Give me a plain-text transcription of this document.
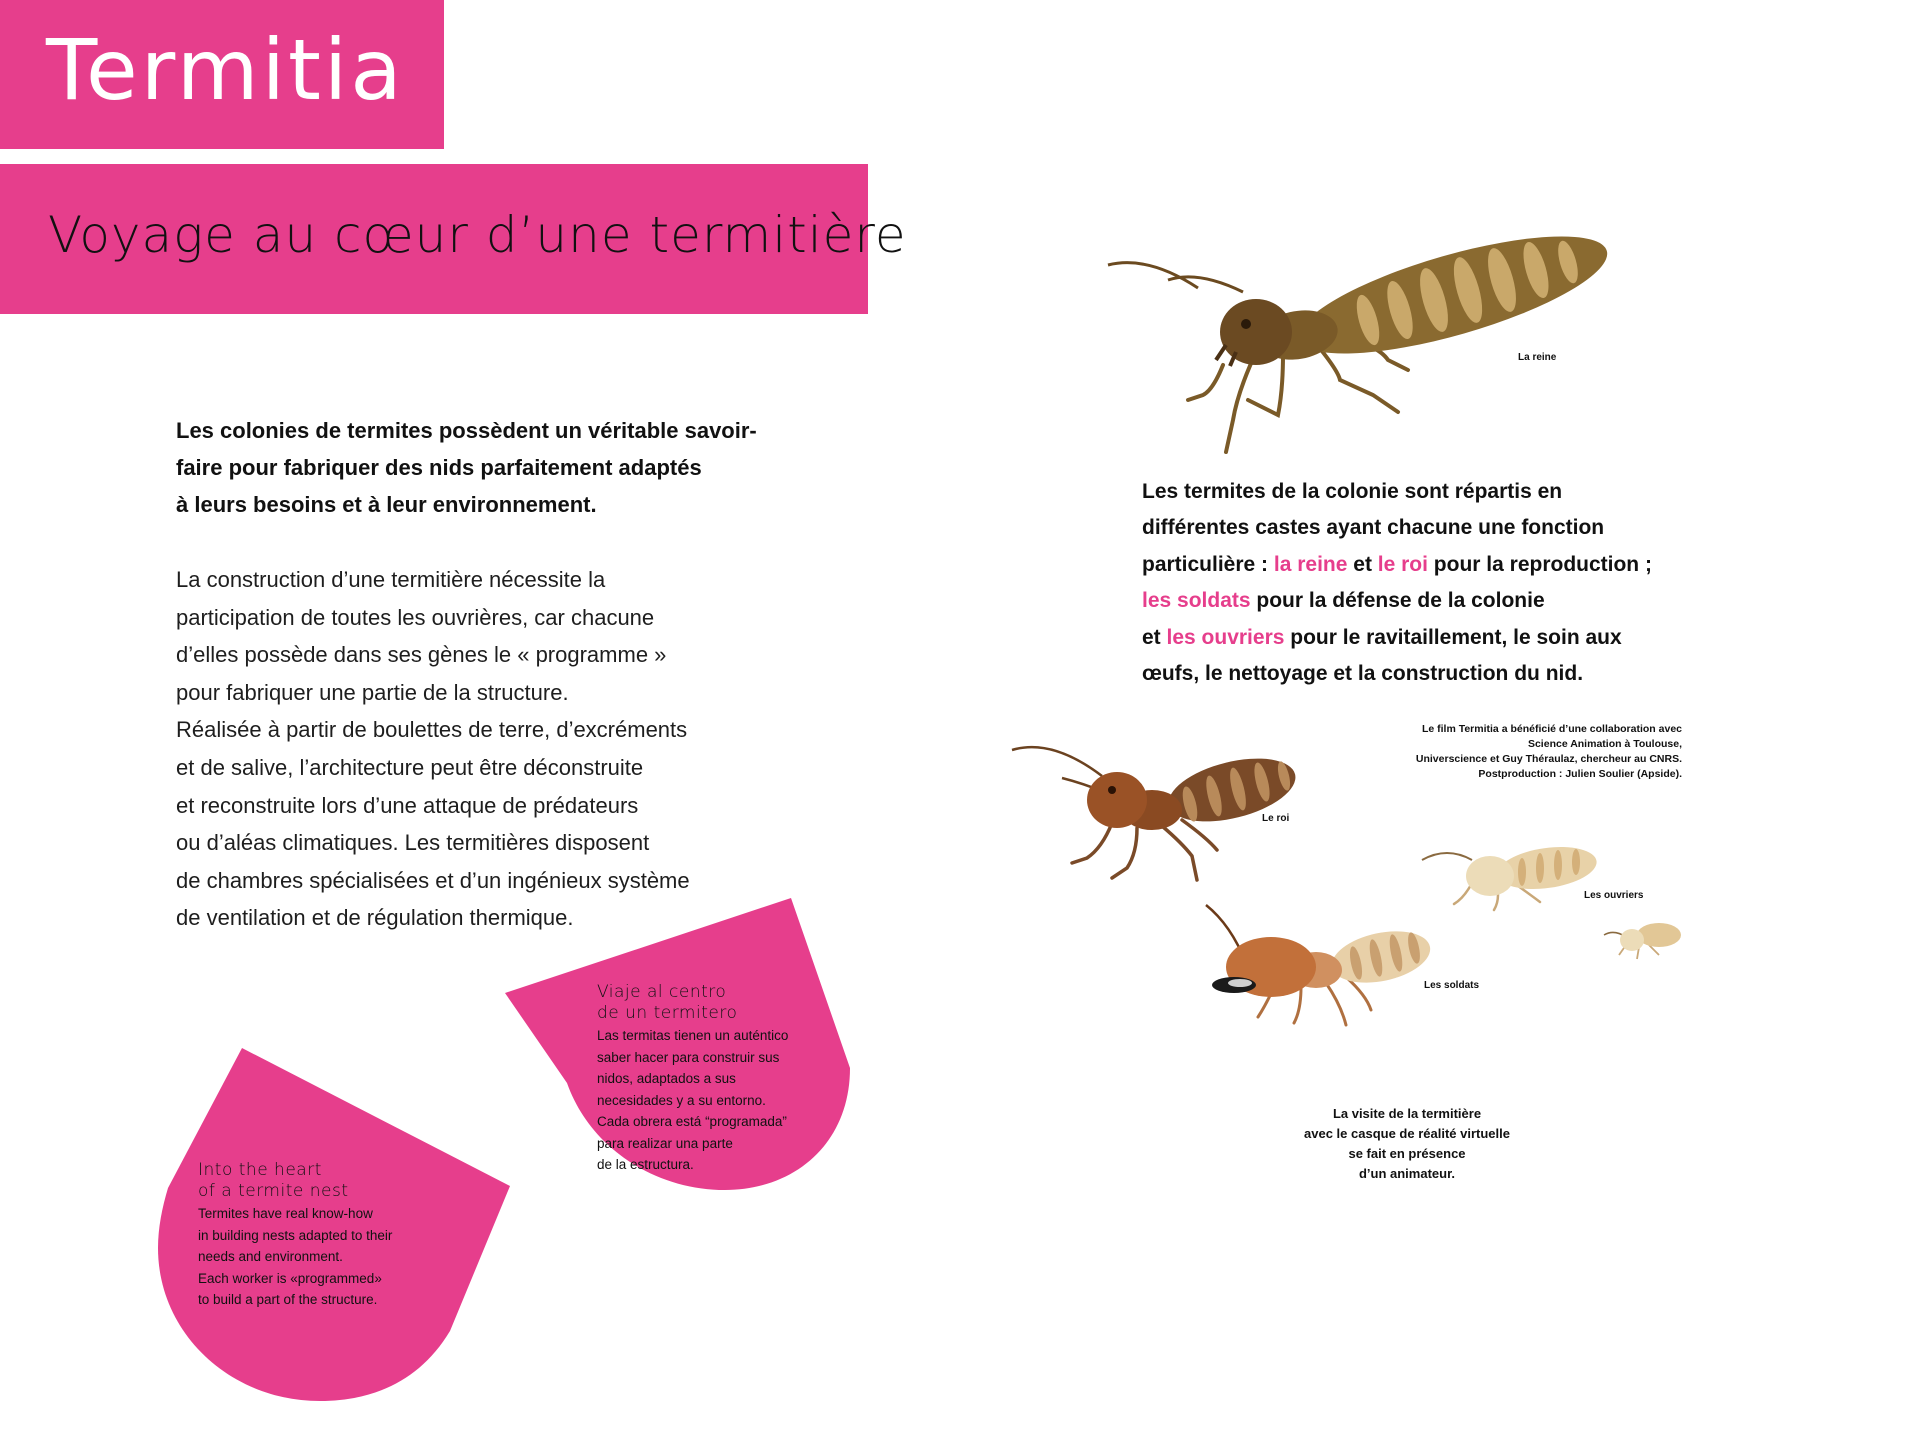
Termitia
Voyage au cœur d’une termitière

Les colonies de termites possèdent un véritable savoir-
faire pour fabriquer des nids parfaitement adaptés
à leurs besoins et à leur environnement.

La construction d’une termitière nécessite la
participation de toutes les ouvrières, car chacune
d’elles possède dans ses gènes le « programme »
pour fabriquer une partie de la structure.
Réalisée à partir de boulettes de terre, d’excréments
et de salive, l’architecture peut être déconstruite
et reconstruite lors d’une attaque de prédateurs
ou d’aléas climatiques. Les termitières disposent
de chambres spécialisées et d’un ingénieux système
de ventilation et de régulation thermique.

Viaje al centro
de un termitero

Las termitas tienen un auténtico
saber hacer para construir sus
nidos, adaptados a sus
necesidades y a su entorno.
Cada obrera está “programada”
para realizar una parte
de la estructura.

Into the heart
of a termite nest

Termites have real know-how
in building nests adapted to their
needs and environment.
Each worker is «programmed»
to build a part of the structure.

La reine

Les termites de la colonie sont répartis en
différentes castes ayant chacune une fonction
particulière : la reine et le roi pour la reproduction ;
les soldats pour la défense de la colonie
et les ouvriers pour le ravitaillement, le soin aux
œufs, le nettoyage et la construction du nid.

Le film Termitia a bénéficié d’une collaboration avec
Science Animation à Toulouse,
Universcience et Guy Théraulaz, chercheur au CNRS.
Postproduction : Julien Soulier (Apside).

Le roi
Les ouvriers
Les soldats

La visite de la termitière
avec le casque de réalité virtuelle
se fait en présence
d’un animateur.
